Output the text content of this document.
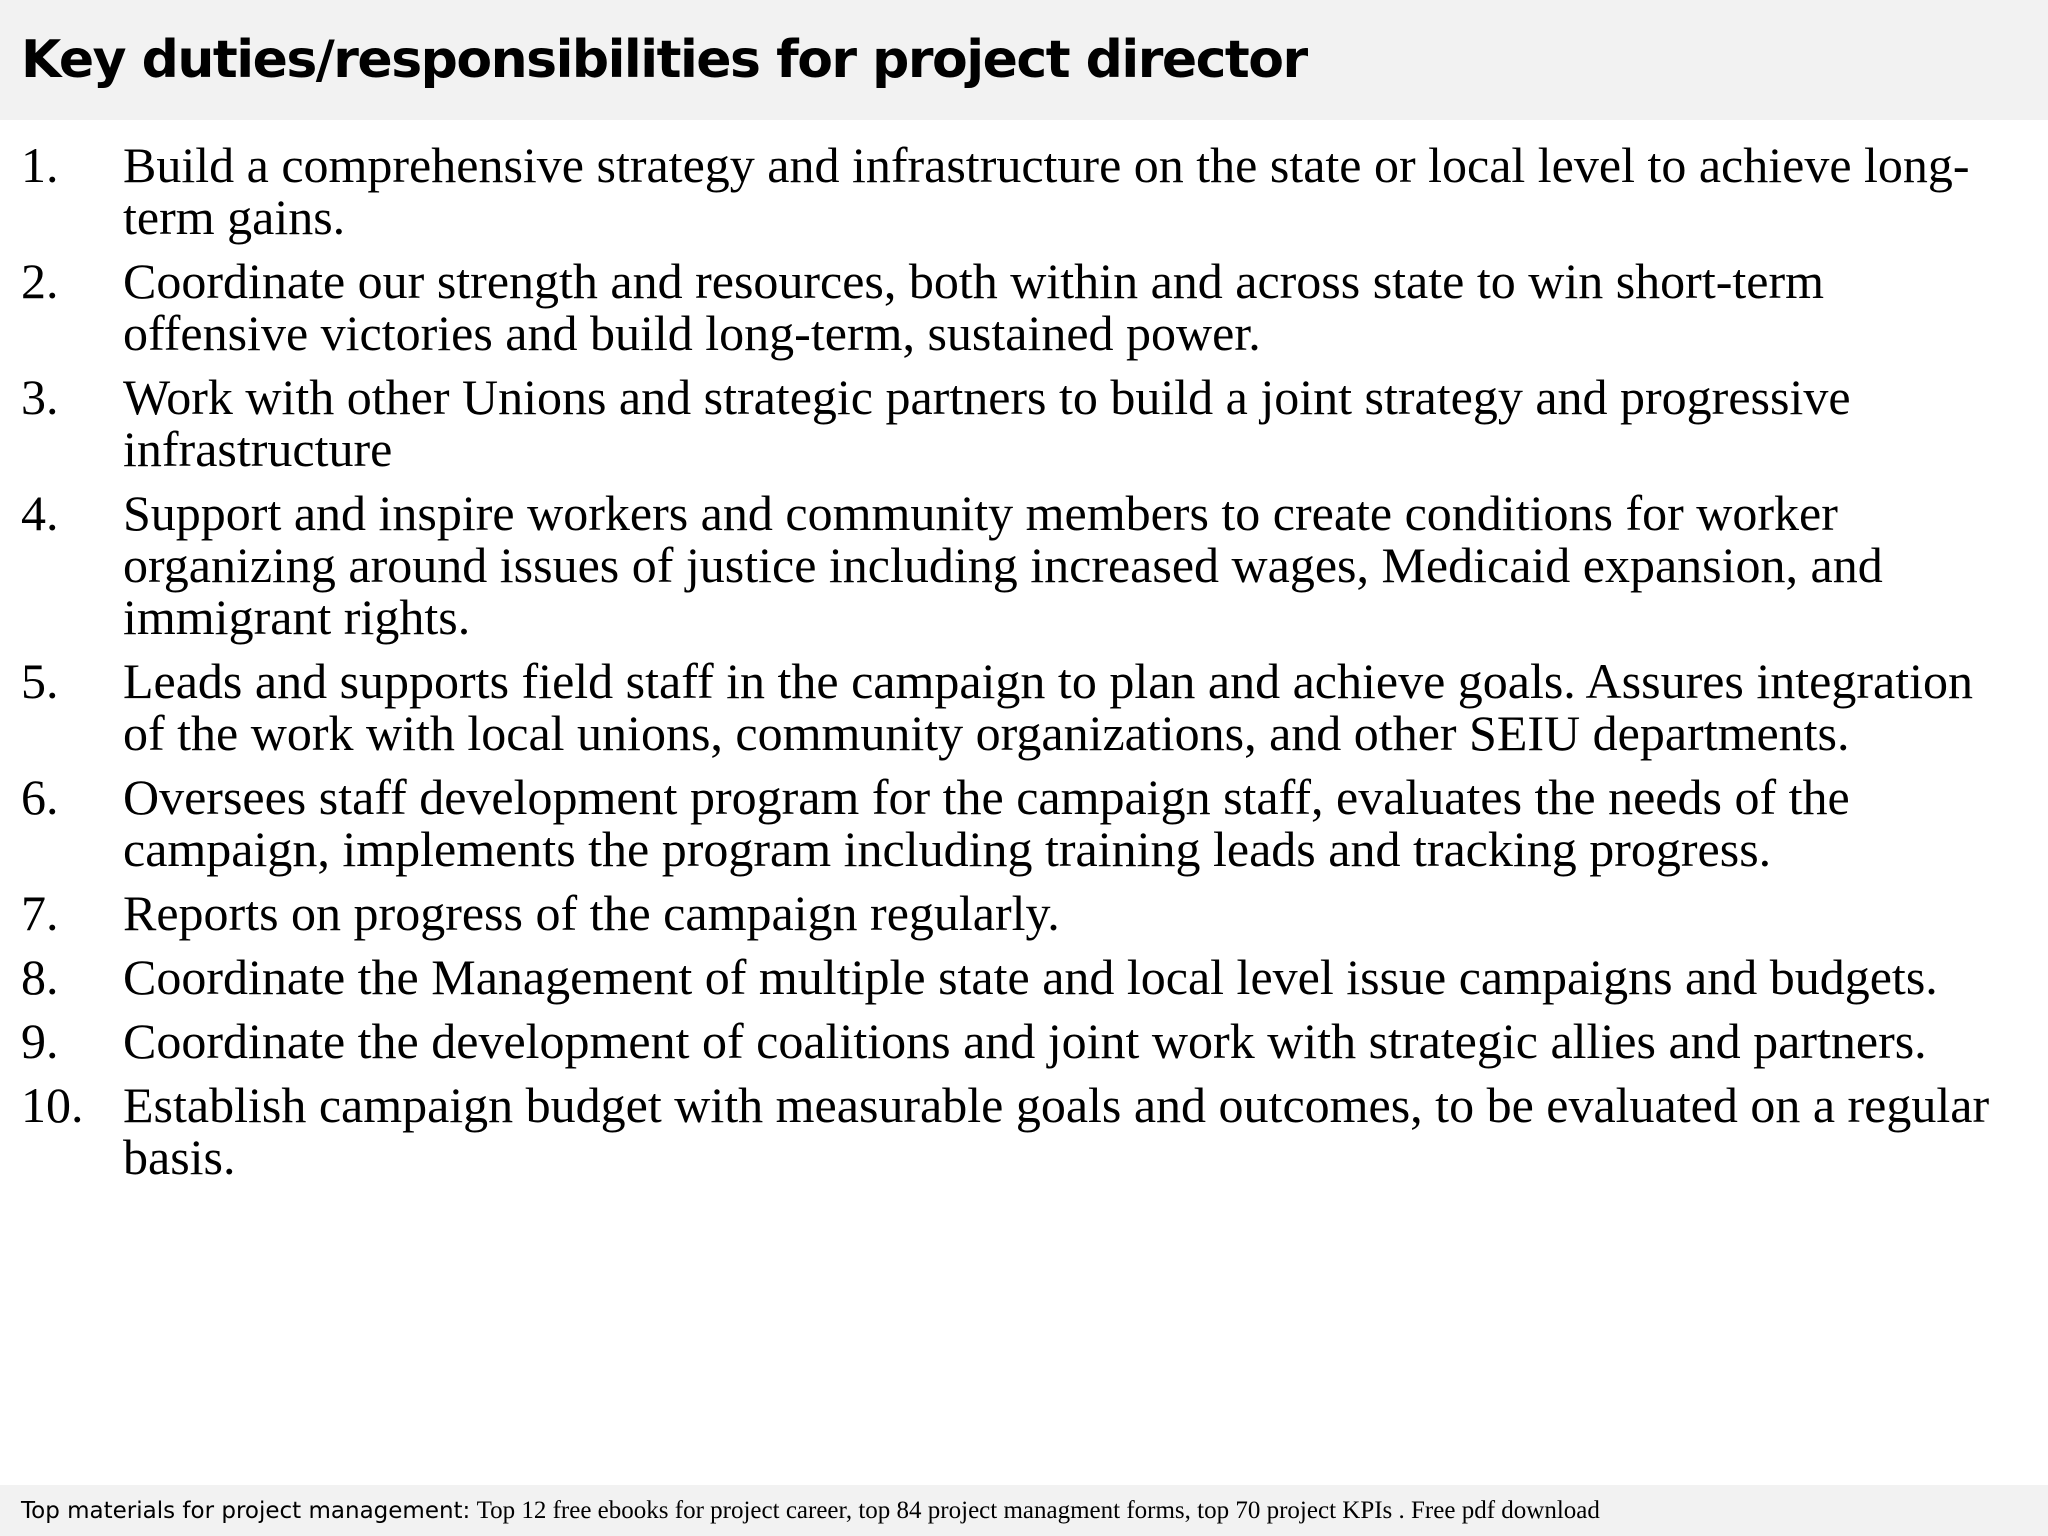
Key duties/responsibilities for project director
1. Build a comprehensive strategy and infrastructure on the state or local level to achieve long-term gains.
2. Coordinate our strength and resources, both within and across state to win short-term offensive victories and build long-term, sustained power.
3. Work with other Unions and strategic partners to build a joint strategy and progressive infrastructure
4. Support and inspire workers and community members to create conditions for worker organizing around issues of justice including increased wages, Medicaid expansion, and immigrant rights.
5. Leads and supports field staff in the campaign to plan and achieve goals. Assures integration of the work with local unions, community organizations, and other SEIU departments.
6. Oversees staff development program for the campaign staff, evaluates the needs of the campaign, implements the program including training leads and tracking progress.
7. Reports on progress of the campaign regularly.
8. Coordinate the Management of multiple state and local level issue campaigns and budgets.
9. Coordinate the development of coalitions and joint work with strategic allies and partners.
10. Establish campaign budget with measurable goals and outcomes, to be evaluated on a regular basis.
Top materials for project management: Top 12 free ebooks for project career, top 84 project managment forms, top 70 project KPIs . Free pdf download
